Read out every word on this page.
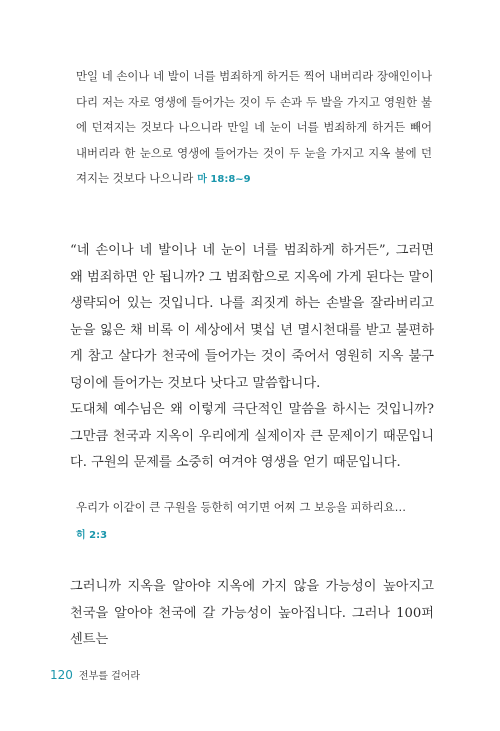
만일 네 손이나 네 발이 너를 범죄하게 하거든 찍어 내버리라 장애인이나 다리 저는 자로 영생에 들어가는 것이 두 손과 두 발을 가지고 영원한 불에 던져지는 것보다 나으니라 만일 네 눈이 너를 범죄하게 하거든 빼어 내버리라 한 눈으로 영생에 들어가는 것이 두 눈을 가지고 지옥 불에 던져지는 것보다 나으니라 마 18:8~9

“네 손이나 네 발이나 네 눈이 너를 범죄하게 하거든”, 그러면 왜 범죄하면 안 됩니까? 그 범죄함으로 지옥에 가게 된다는 말이 생략되어 있는 것입니다. 나를 죄짓게 하는 손발을 잘라버리고 눈을 잃은 채 비록 이 세상에서 몇십 년 멸시천대를 받고 불편하게 참고 살다가 천국에 들어가는 것이 죽어서 영원히 지옥 불구덩이에 들어가는 것보다 낫다고 말씀합니다.

도대체 예수님은 왜 이렇게 극단적인 말씀을 하시는 것입니까? 그만큼 천국과 지옥이 우리에게 실제이자 큰 문제이기 때문입니다. 구원의 문제를 소중히 여겨야 영생을 얻기 때문입니다.

우리가 이같이 큰 구원을 등한히 여기면 어찌 그 보응을 피하리요…
히 2:3

그러니까 지옥을 알아야 지옥에 가지 않을 가능성이 높아지고 천국을 알아야 천국에 갈 가능성이 높아집니다. 그러나 100퍼센트는

120 전부를 걸어라
